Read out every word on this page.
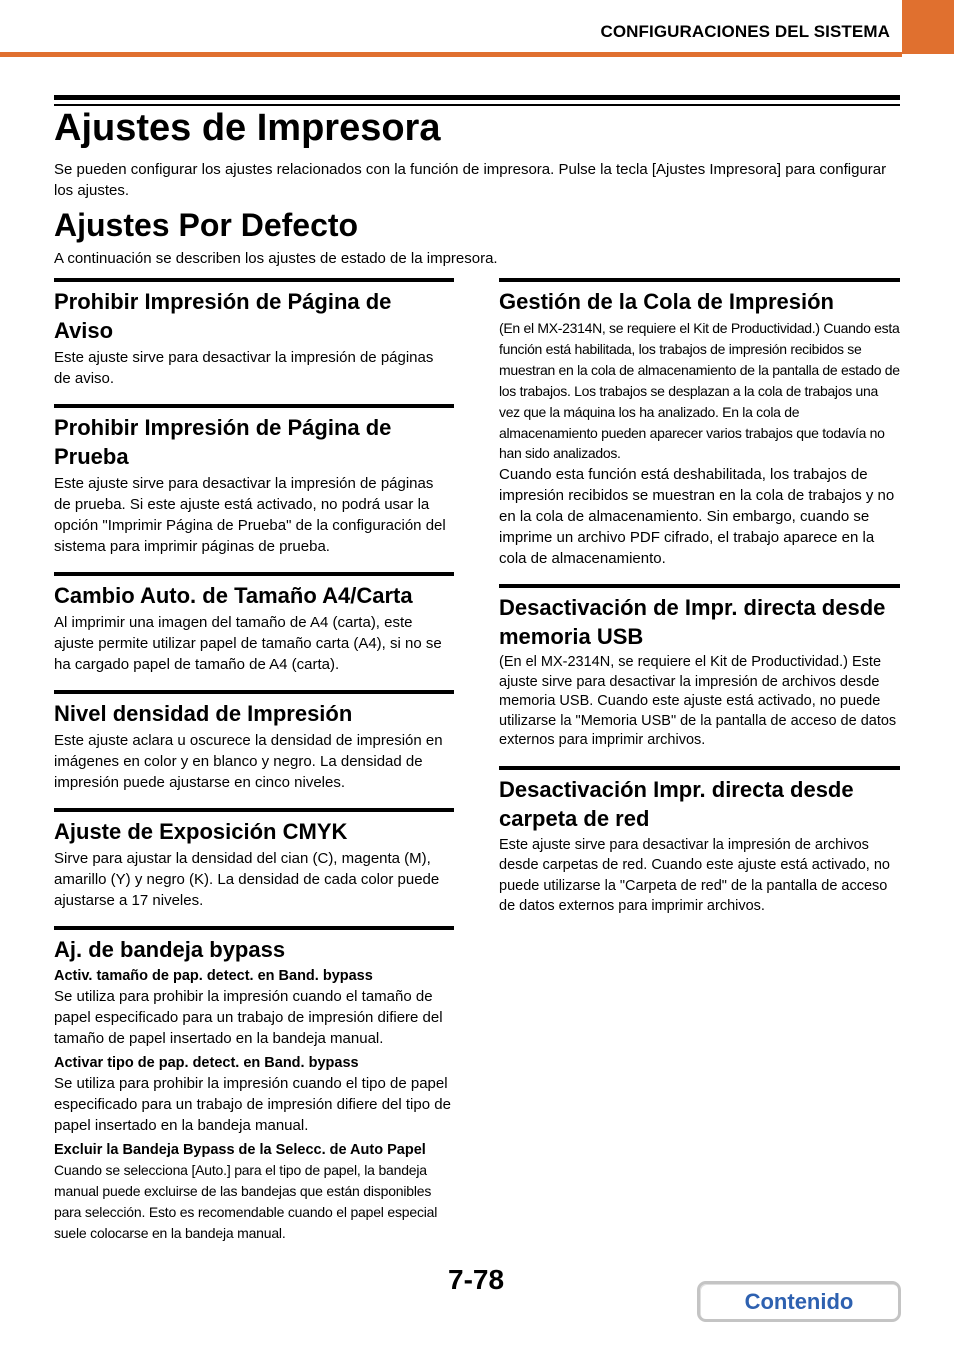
CONFIGURACIONES DEL SISTEMA
Ajustes de Impresora
Se pueden configurar los ajustes relacionados con la función de impresora. Pulse la tecla [Ajustes Impresora] para configurar los ajustes.
Ajustes Por Defecto
A continuación se describen los ajustes de estado de la impresora.
Prohibir Impresión de Página de Aviso

Este ajuste sirve para desactivar la impresión de páginas de aviso.

Prohibir Impresión de Página de Prueba

Este ajuste sirve para desactivar la impresión de páginas de prueba. Si este ajuste está activado, no podrá usar la opción "Imprimir Página de Prueba" de la configuración del sistema para imprimir páginas de prueba.

Cambio Auto. de Tamaño A4/Carta

Al imprimir una imagen del tamaño de A4 (carta), este ajuste permite utilizar papel de tamaño carta (A4), si no se ha cargado papel de tamaño de A4 (carta).

Nivel densidad de Impresión

Este ajuste aclara u oscurece la densidad de impresión en imágenes en color y en blanco y negro. La densidad de impresión puede ajustarse en cinco niveles.

Ajuste de Exposición CMYK

Sirve para ajustar la densidad del cian (C), magenta (M), amarillo (Y) y negro (K). La densidad de cada color puede ajustarse a 17 niveles.

Aj. de bandeja bypass
Activ. tamaño de pap. detect. en Band. bypass

Se utiliza para prohibir la impresión cuando el tamaño de papel especificado para un trabajo de impresión difiere del tamaño de papel insertado en la bandeja manual.

Activar tipo de pap. detect. en Band. bypass

Se utiliza para prohibir la impresión cuando el tipo de papel especificado para un trabajo de impresión difiere del tipo de papel insertado en la bandeja manual.

Excluir la Bandeja Bypass de la Selecc. de Auto Papel

Cuando se selecciona [Auto.] para el tipo de papel, la bandeja manual puede excluirse de las bandejas que están disponibles para selección. Esto es recomendable cuando el papel especial suele colocarse en la bandeja manual.

Gestión de la Cola de Impresión

(En el MX-2314N, se requiere el Kit de Productividad.) Cuando esta función está habilitada, los trabajos de impresión recibidos se muestran en la cola de almacenamiento de la pantalla de estado de los trabajos. Los trabajos se desplazan a la cola de trabajos una vez que la máquina los ha analizado. En la cola de almacenamiento pueden aparecer varios trabajos que todavía no han sido analizados.

Cuando esta función está deshabilitada, los trabajos de impresión recibidos se muestran en la cola de trabajos y no en la cola de almacenamiento. Sin embargo, cuando se imprime un archivo PDF cifrado, el trabajo aparece en la cola de almacenamiento.

Desactivación de Impr. directa desde memoria USB

(En el MX-2314N, se requiere el Kit de Productividad.) Este ajuste sirve para desactivar la impresión de archivos desde memoria USB. Cuando este ajuste está activado, no puede utilizarse la "Memoria USB" de la pantalla de acceso de datos externos para imprimir archivos.

Desactivación Impr. directa desde carpeta de red

Este ajuste sirve para desactivar la impresión de archivos desde carpetas de red. Cuando este ajuste está activado, no puede utilizarse la "Carpeta de red" de la pantalla de acceso de datos externos para imprimir archivos.

7-78
Contenido
